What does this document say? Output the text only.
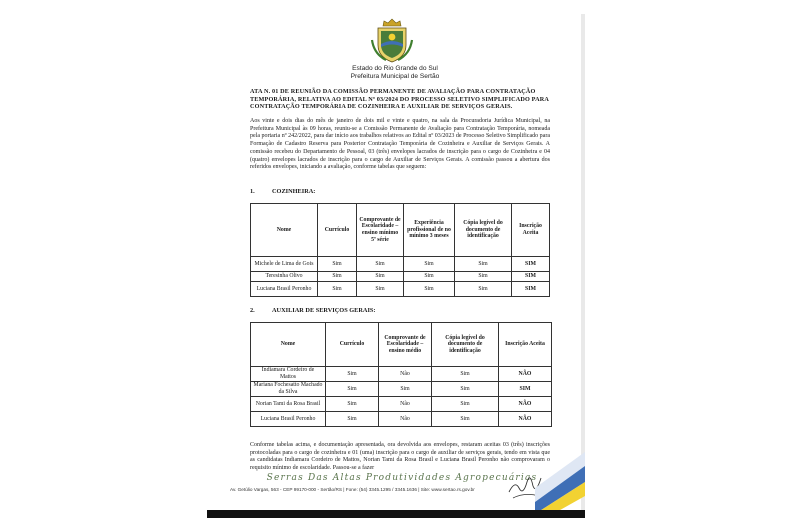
Estado do Rio Grande do Sul
Prefeitura Municipal de Sertão
ATA N. 01 DE REUNIÃO DA COMISSÃO PERMANENTE DE AVALIAÇÃO PARA CONTRATAÇÃO TEMPORÁRIA, RELATIVA AO EDITAL Nº 03/2024 DO PROCESSO SELETIVO SIMPLIFICADO PARA CONTRATAÇÃO TEMPORÁRIA DE COZINHEIRA E AUXILIAR DE SERVIÇOS GERAIS.
Aos vinte e dois dias do mês de janeiro de dois mil e vinte e quatro, na sala da Procuradoria Jurídica Municipal, na Prefeitura Municipal às 09 horas, reuniu-se a Comissão Permanente de Avaliação para Contratação Temporária, nomeada pela portaria nº 242/2022, para dar início aos trabalhos relativos ao Edital nº 03/2023 de Processo Seletivo Simplificado para Formação de Cadastro Reserva para Posterior Contratação Temporária de Cozinheira e Auxiliar de Serviços Gerais. A comissão recebeu do Departamento de Pessoal, 03 (três) envelopes lacrados de inscrição para o cargo de Cozinheira e 04 (quatro) envelopes lacrados de inscrição para o cargo de Auxiliar de Serviços Gerais. A comissão passou a abertura dos referidos envelopes, iniciando a avaliação, conforme tabelas que seguem:
1.	COZINHEIRA:
Nome	Currículo	Comprovante de Escolaridade – ensino mínimo 5ª série	Experiência profissional de no mínimo 3 meses	Cópia legível do documento de identificação	Inscrição Aceita
Michele de Lima de Gois	Sim	Sim	Sim	Sim	SIM
Teresinha Olivo	Sim	Sim	Sim	Sim	SIM
Luciana Brasil Peronho	Sim	Sim	Sim	Sim	SIM
2.	AUXILIAR DE SERVIÇOS GERAIS:
Nome	Currículo	Comprovante de Escolaridade – ensino médio	Cópia legível do documento de identificação	Inscrição Aceita
Indiamara Cordeiro de Mattos	Sim	Não	Sim	NÃO
Mariana Fochesatto Machado da Silva	Sim	Sim	Sim	SIM
Norian Tami da Rosa Brasil	Sim	Não	Sim	NÃO
Luciana Brasil Peronho	Sim	Não	Sim	NÃO
Conforme tabelas acima, e documentação apresentada, ora devolvida aos envelopes, restaram aceitas 03 (três) inscrições protocoladas para o cargo de cozinheira e 01 (uma) inscrição para o cargo de auxiliar de serviços gerais, tendo em vista que as candidatas Indiamara Cordeiro de Mattos, Norian Tami da Rosa Brasil e Luciana Brasil Peronho não comprovaram o requisito mínimo de escolaridade. Passou-se a fazer
Serras Das Altas Produtividades Agropecuárias
Av. Getúlio Vargas, 563 - CEP 99170-000 - Sertão/RS | Fone: (54) 3345.1295 / 3345.1636 | Site: www.sertao.rs.gov.br
